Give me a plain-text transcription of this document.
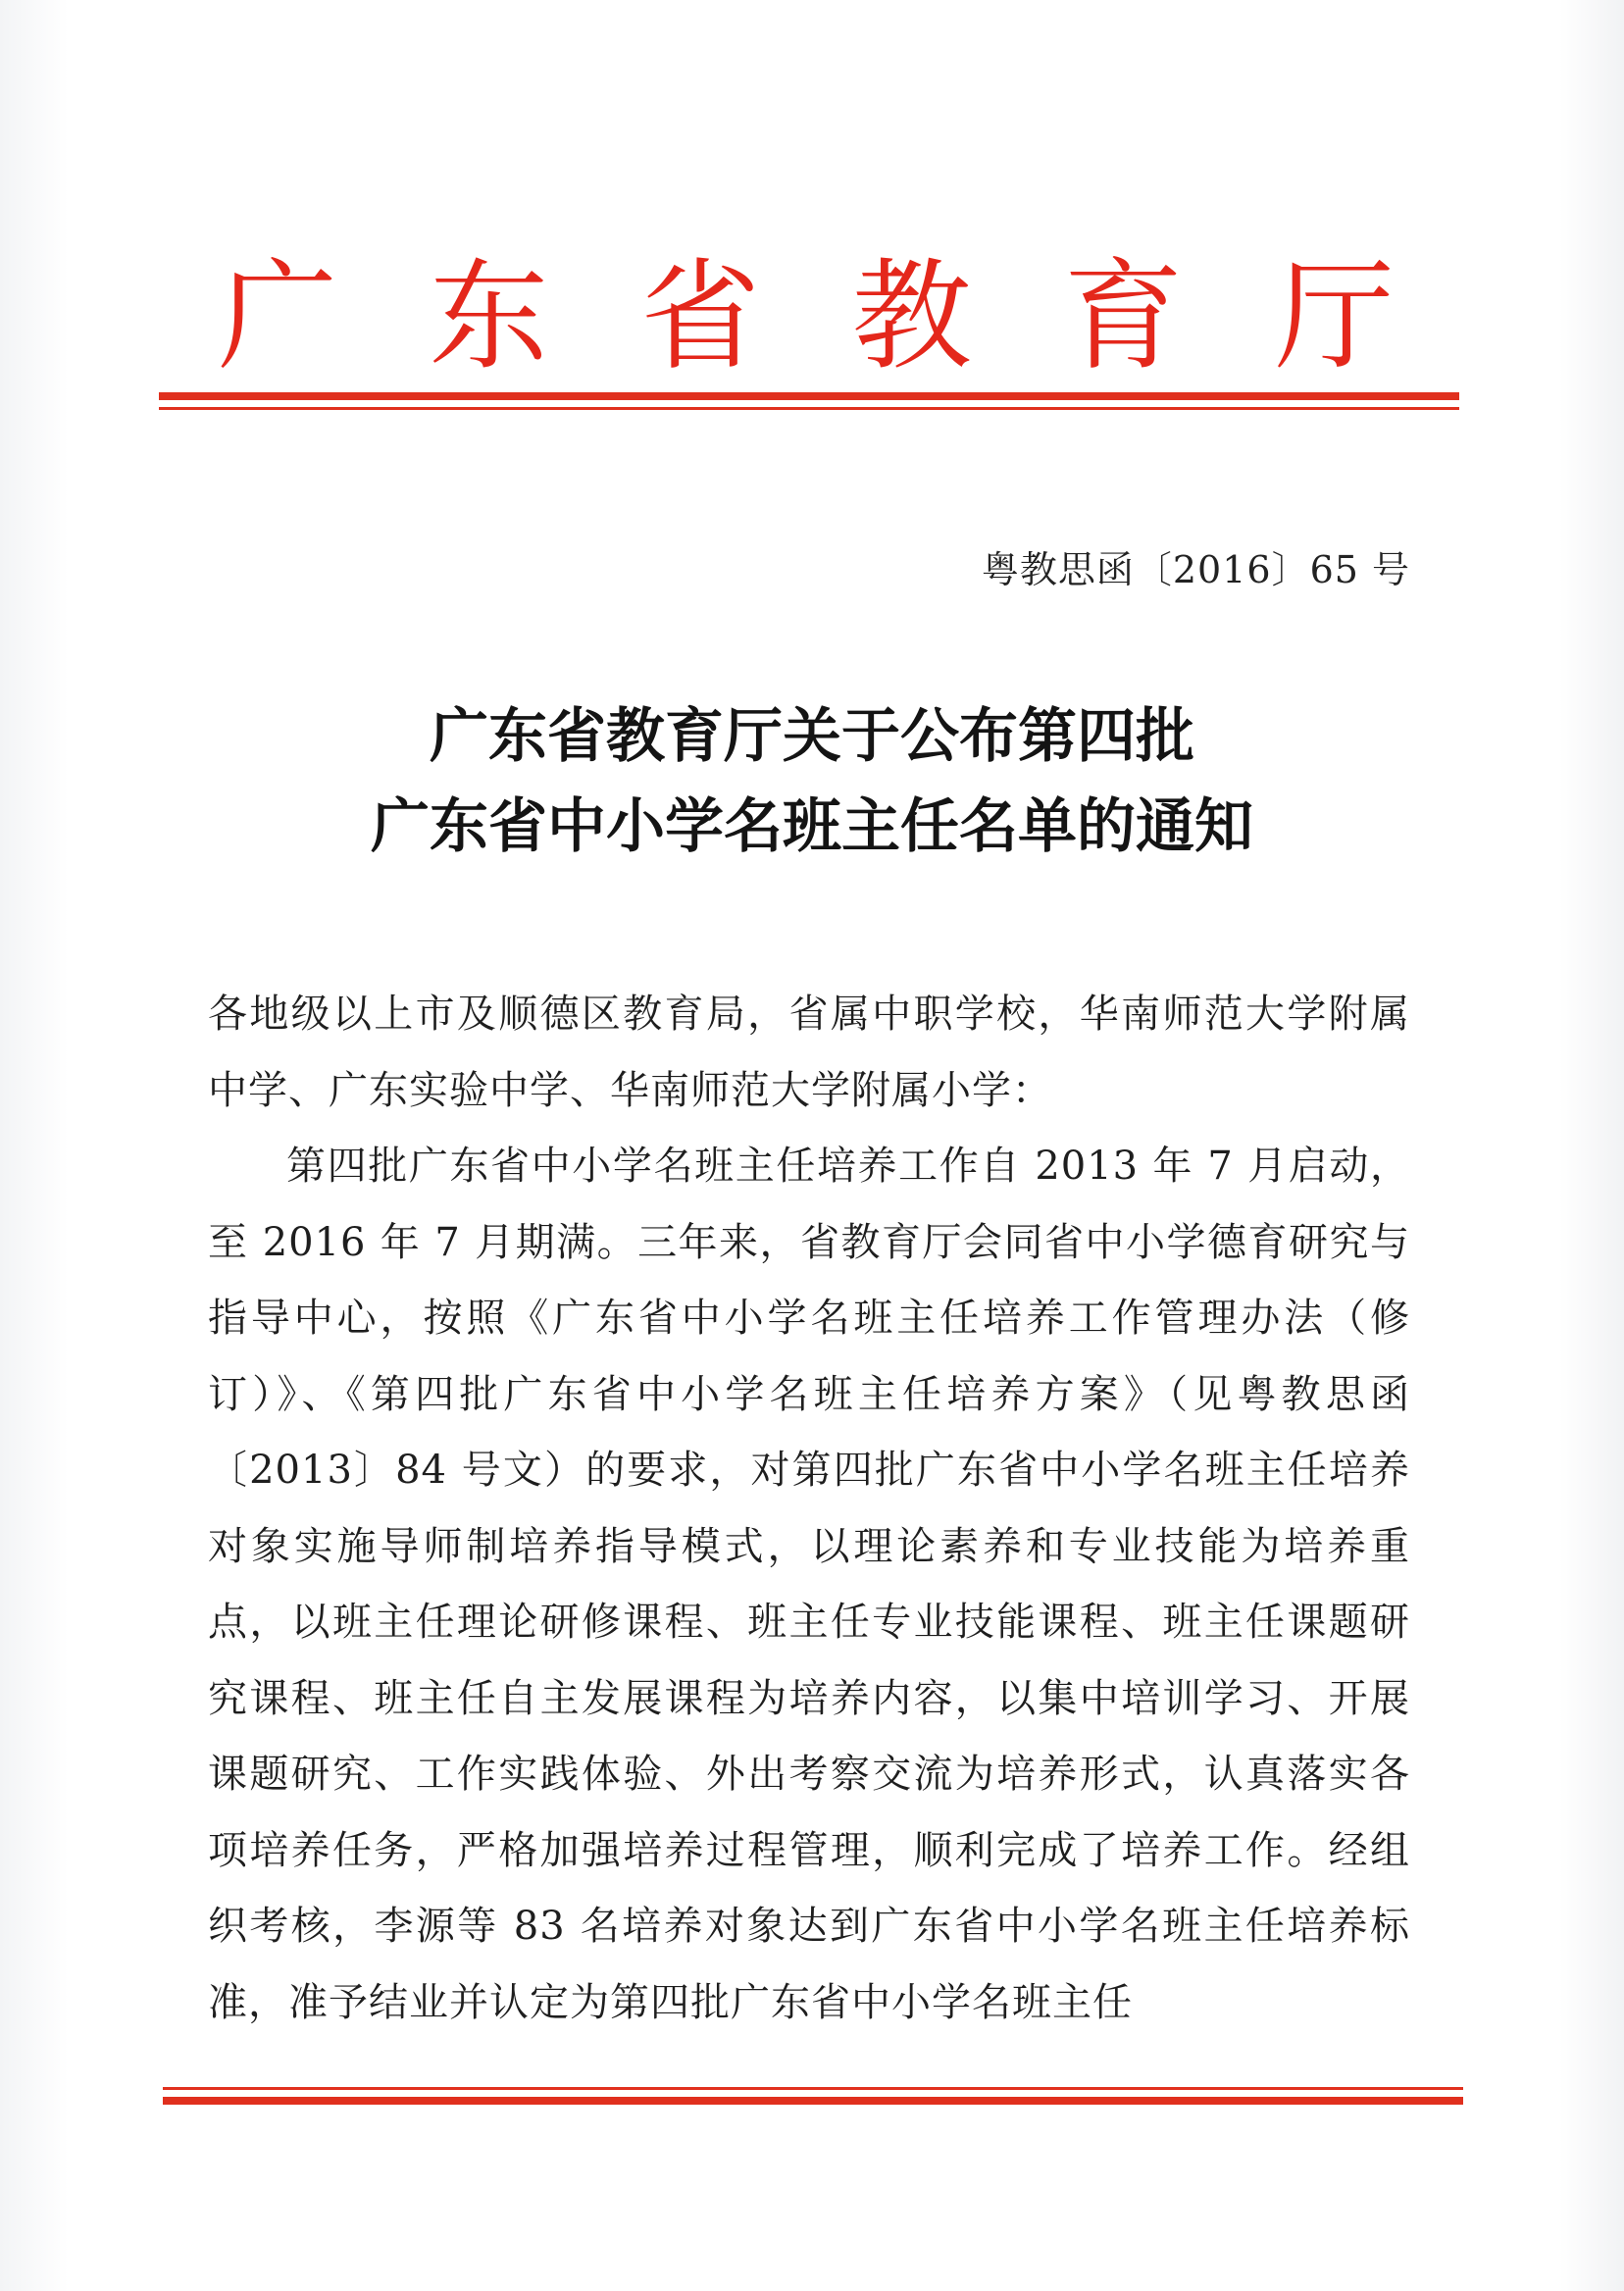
广 东 省 教 育 厅
粤教思函〔2016〕65 号
广东省教育厅关于公布第四批
广东省中小学名班主任名单的通知

各地级以上市及顺德区教育局，省属中职学校，华南师范大学附属中学、广东实验中学、华南师范大学附属小学：

第四批广东省中小学名班主任培养工作自 2013 年 7 月启动，至 2016 年 7 月期满。三年来，省教育厅会同省中小学德育研究与指导中心，按照《广东省中小学名班主任培养工作管理办法（修订）》、《第四批广东省中小学名班主任培养方案》（见粤教思函〔2013〕84 号文）的要求，对第四批广东省中小学名班主任培养对象实施导师制培养指导模式，以理论素养和专业技能为培养重点，以班主任理论研修课程、班主任专业技能课程、班主任课题研究课程、班主任自主发展课程为培养内容，以集中培训学习、开展课题研究、工作实践体验、外出考察交流为培养形式，认真落实各项培养任务，严格加强培养过程管理，顺利完成了培养工作。经组织考核，李源等 83 名培养对象达到广东省中小学名班主任培养标准，准予结业并认定为第四批广东省中小学名班主任
